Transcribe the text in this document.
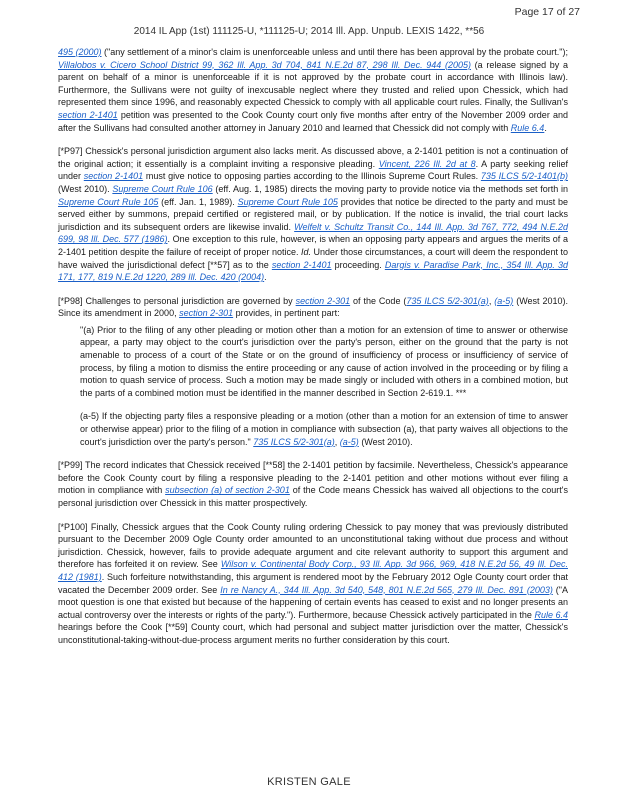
Page 17 of 27
2014 IL App (1st) 111125-U, *111125-U; 2014 Ill. App. Unpub. LEXIS 1422, **56

495 (2000) ("any settlement of a minor's claim is unenforceable unless and until there has been approval by the probate court."); Villalobos v. Cicero School District 99, 362 Ill. App. 3d 704, 841 N.E.2d 87, 298 Ill. Dec. 944 (2005) (a release signed by a parent on behalf of a minor is unenforceable if it is not approved by the probate court in accordance with Illinois law). Furthermore, the Sullivans were not guilty of inexcusable neglect where they trusted and relied upon Chessick, which had represented them since 1996, and reasonably expected Chessick to comply with all applicable court rules. Finally, the Sullivan's section 2-1401 petition was presented to the Cook County court only five months after entry of the November 2009 order and after the Sullivans had consulted another attorney in January 2010 and learned that Chessick did not comply with Rule 6.4.

[*P97] Chessick's personal jurisdiction argument also lacks merit. As discussed above, a 2-1401 petition is not a continuation of the original action; it essentially is a complaint inviting a responsive pleading. Vincent, 226 Ill. 2d at 8. A party seeking relief under section 2-1401 must give notice to opposing parties according to the Illinois Supreme Court Rules. 735 ILCS 5/2-1401(b) (West 2010). Supreme Court Rule 106 (eff. Aug. 1, 1985) directs the moving party to provide notice via the methods set forth in Supreme Court Rule 105 (eff. Jan. 1, 1989). Supreme Court Rule 105 provides that notice be directed to the party and must be served either by summons, prepaid certified or registered mail, or by publication. If the notice is invalid, the trial court lacks jurisdiction and its subsequent orders are likewise invalid. Welfelt v. Schultz Transit Co., 144 Ill. App. 3d 767, 772, 494 N.E.2d 699, 98 Ill. Dec. 577 (1986). One exception to this rule, however, is when an opposing party appears and argues the merits of a 2-1401 petition despite the failure of receipt of proper notice. Id. Under those circumstances, a court will deem the respondent to have waived the jurisdictional defect [**57] as to the section 2-1401 proceeding. Dargis v. Paradise Park, Inc., 354 Ill. App. 3d 171, 177, 819 N.E.2d 1220, 289 Ill. Dec. 420 (2004).

[*P98] Challenges to personal jurisdiction are governed by section 2-301 of the Code (735 ILCS 5/2-301(a), (a-5) (West 2010). Since its amendment in 2000, section 2-301 provides, in pertinent part:

"(a) Prior to the filing of any other pleading or motion other than a motion for an extension of time to answer or otherwise appear, a party may object to the court's jurisdiction over the party's person, either on the ground that the party is not amenable to process of a court of the State or on the ground of insufficiency of process or insufficiency of service of process, by filing a motion to dismiss the entire proceeding or any cause of action involved in the proceeding or by filing a motion to quash service of process. Such a motion may be made singly or included with others in a combined motion, but the parts of a combined motion must be identified in the manner described in Section 2-619.1. ***

(a-5) If the objecting party files a responsive pleading or a motion (other than a motion for an extension of time to answer or otherwise appear) prior to the filing of a motion in compliance with subsection (a), that party waives all objections to the court's jurisdiction over the party's person." 735 ILCS 5/2-301(a), (a-5) (West 2010).

[*P99] The record indicates that Chessick received [**58] the 2-1401 petition by facsimile. Nevertheless, Chessick's appearance before the Cook County court by filing a responsive pleading to the 2-1401 petition and other motions without ever filing a motion in compliance with subsection (a) of section 2-301 of the Code means Chessick has waived all objections to the court's personal jurisdiction over Chessick in this matter prospectively.

[*P100] Finally, Chessick argues that the Cook County ruling ordering Chessick to pay money that was previously distributed pursuant to the December 2009 Ogle County order amounted to an unconstitutional taking without due process and without jurisdiction. Chessick, however, fails to provide adequate argument and cite relevant authority to support this argument and therefore has forfeited it on review. See Wilson v. Continental Body Corp., 93 Ill. App. 3d 966, 969, 418 N.E.2d 56, 49 Ill. Dec. 412 (1981). Such forfeiture notwithstanding, this argument is rendered moot by the February 2012 Ogle County court order that vacated the December 2009 order. See In re Nancy A., 344 Ill. App. 3d 540, 548, 801 N.E.2d 565, 279 Ill. Dec. 891 (2003) ("A moot question is one that existed but because of the happening of certain events has ceased to exist and no longer presents an actual controversy over the interests or rights of the party."). Furthermore, because Chessick actively participated in the Rule 6.4 hearings before the Cook [**59] County court, which had personal and subject matter jurisdiction over the matter, Chessick's unconstitutional-taking-without-due-process argument merits no further consideration by this court.

KRISTEN GALE
